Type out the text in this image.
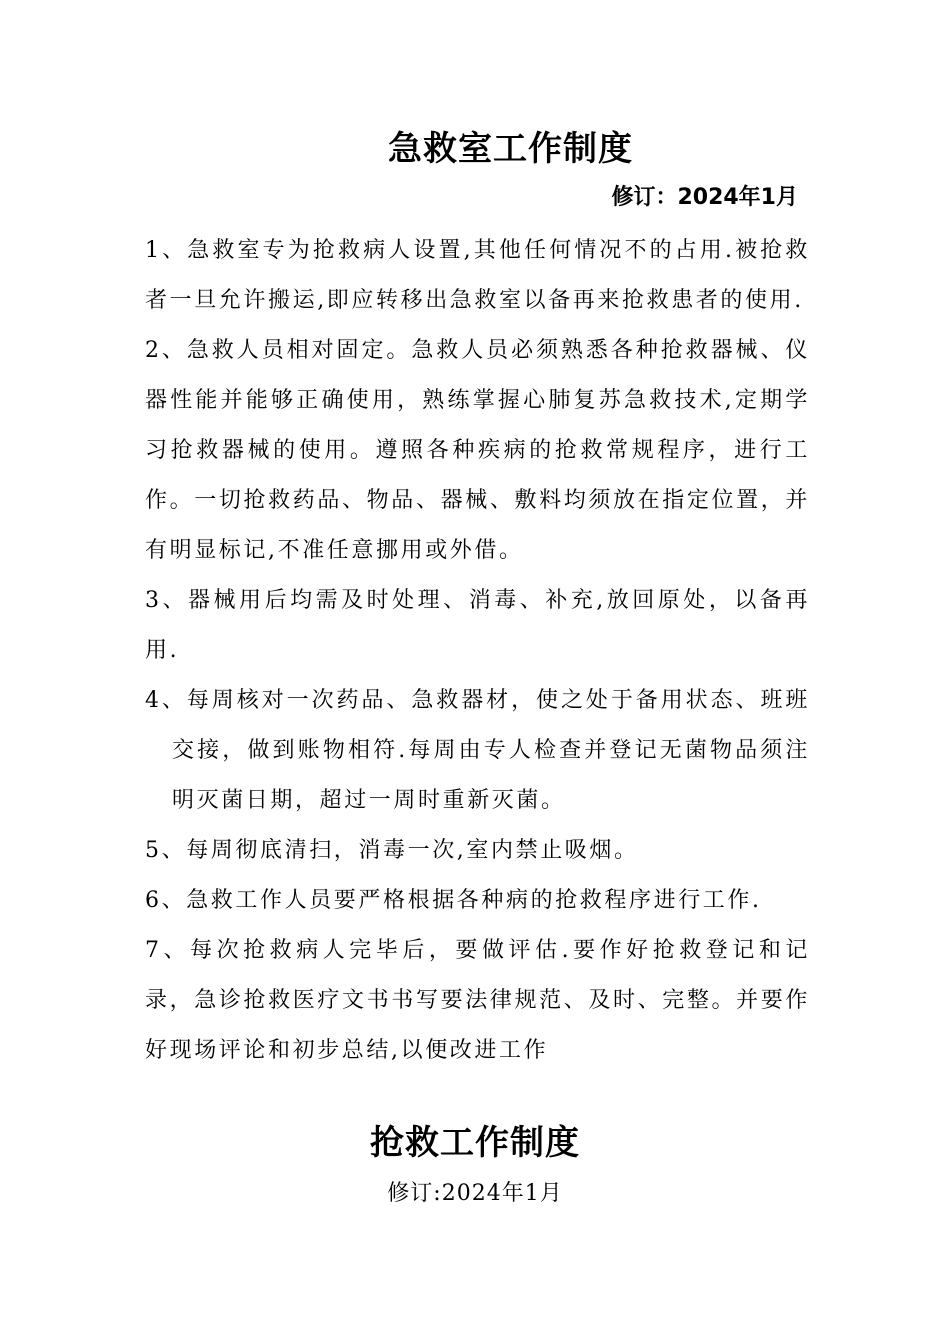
急救室工作制度
修订：2024年1月

1、急救室专为抢救病人设置,其他任何情况不的占用.被抢救者一旦允许搬运,即应转移出急救室以备再来抢救患者的使用.

2、急救人员相对固定。急救人员必须熟悉各种抢救器械、仪器性能并能够正确使用，熟练掌握心肺复苏急救技术,定期学习抢救器械的使用。遵照各种疾病的抢救常规程序，进行工作。一切抢救药品、物品、器械、敷料均须放在指定位置，并有明显标记,不准任意挪用或外借。

3、器械用后均需及时处理、消毒、补充,放回原处，以备再用.

4、每周核对一次药品、急救器材，使之处于备用状态、班班交接，做到账物相符.每周由专人检查并登记无菌物品须注明灭菌日期，超过一周时重新灭菌。

5、每周彻底清扫，消毒一次,室内禁止吸烟。

6、急救工作人员要严格根据各种病的抢救程序进行工作.

7、每次抢救病人完毕后，要做评估.要作好抢救登记和记录，急诊抢救医疗文书书写要法律规范、及时、完整。并要作好现场评论和初步总结,以便改进工作

抢救工作制度
修订:2024年1月
